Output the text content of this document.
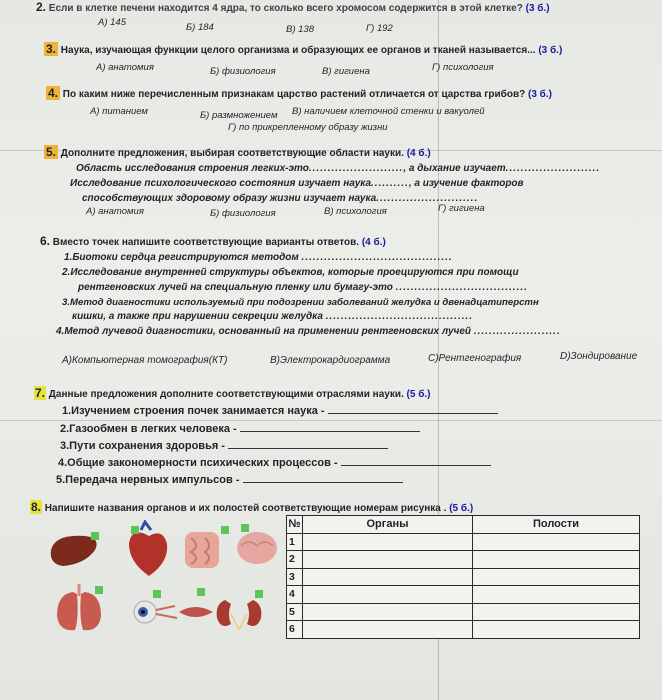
2. Если в клетке печени находится 4 ядра, то сколько всего хромосом содержится в этой клетке? (3 б.)
А) 145	Б) 184	В) 138	Г) 192
3. Наука, изучающая функции целого организма и образующих ее органов и тканей называется... (3 б.)
А) анатомия	Б) физиология	В) гигиена	Г) психология
4. По каким ниже перечисленным признакам царство растений отличается от царства грибов? (3 б.)
А) питанием	Б) размножением В) наличием клеточной стенки и вакуолей
Г) по прикрепленному образу жизни
5. Дополните предложения, выбирая соответствующие области науки. (4 б.)
Область исследования строения легких-это........................., а дыхание изучает.........................
Исследование психологического состояния изучает наука.........., а изучение факторов
способствующих здоровому образу жизни изучает наука...........................
А) анатомия	Б) физиология	В) психология	Г) гигиена
6. Вместо точек напишите соответствующие варианты ответов. (4 б.)
1.Биотоки сердца регистрируются методом ........................................
2.Исследование внутренней структуры объектов, которые проецируются при помощи
рентгеновских лучей на специальную пленку или бумагу-это ...................................
3.Метод диагностики используемый при подозрении заболеваний желудка и двенадцатиперстн
кишки, а также при нарушении секреции желудка .......................................
4.Метод лучевой диагностики, основанный на применении рентгеновских лучей .......................
А)Компьютерная томография(КТ)	В)Электрокардиограмма	С)Рентгенография	D)Зондирование
7. Данные предложения дополните соответствующими отраслями науки. (5 б.)
1.Изучением строения почек занимается наука -
2.Газообмен в легких человека -
3.Пути сохранения здоровья -
4.Общие закономерности психических процессов -
5.Передача нервных импульсов -
8. Напишите названия органов и их полостей соответствующие номерам рисунка . (5 б.)
№	Органы	Полости
1		
2		
3		
4		
5		
6		
